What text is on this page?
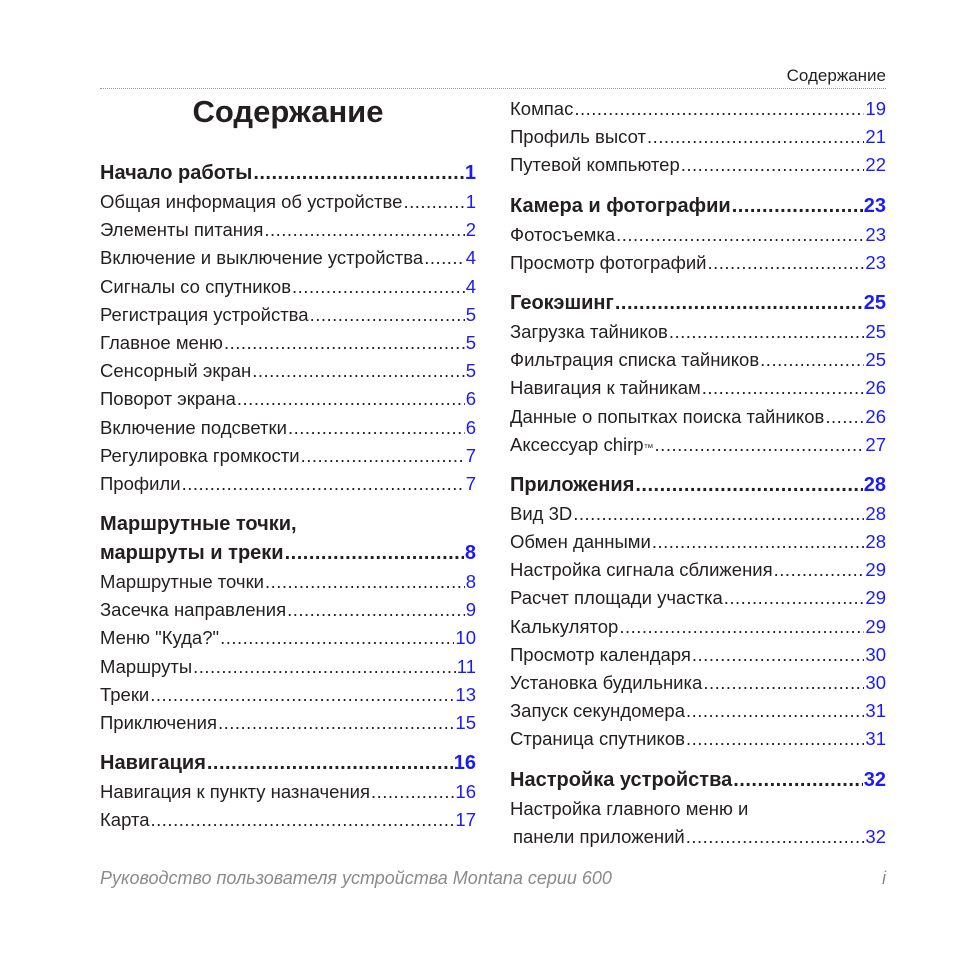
Содержание
Содержание
Начало работы .....	1
Общая информация об устройстве .....	1
Элементы питания .....	2
Включение и выключение устройства ..... 4
Сигналы со спутников .....	4
Регистрация устройства .....	5
Главное меню .....	5
Сенсорный экран .....	5
Поворот экрана .....	6
Включение подсветки .....	6
Регулировка громкости .....	7
Профили .....	7
Маршрутные точки,
маршруты и треки .....	8
Маршрутные точки .....	8
Засечка направления .....	9
Меню "Куда?" .....	10
Маршруты .....	11
Треки .....	13
Приключения .....	15
Навигация .....	16
Навигация к пункту назначения .....	16
Карта .....	17
Компас .....	19
Профиль высот .....	21
Путевой компьютер .....	22
Камера и фотографии .....	23
Фотосъемка .....	23
Просмотр фотографий .....	23
Геокэшинг .....	25
Загрузка тайников .....	25
Фильтрация списка тайников .....	25
Навигация к тайникам .....	26
Данные о попытках поиска тайников ..... 26
Аксессуар chirp ™ .....	27
Приложения .....	28
Вид 3D .....	28
Обмен данными .....	28
Настройка сигнала сближения .....	29
Расчет площади участка .....	29
Калькулятор .....	29
Просмотр календаря .....	30
Установка будильника .....	30
Запуск секундомера .....	31
Страница спутников .....	31
Настройка устройства .....	32
Настройка главного меню и
панели приложений .....	32
Руководство пользователя устройства Montana серии 600	i
